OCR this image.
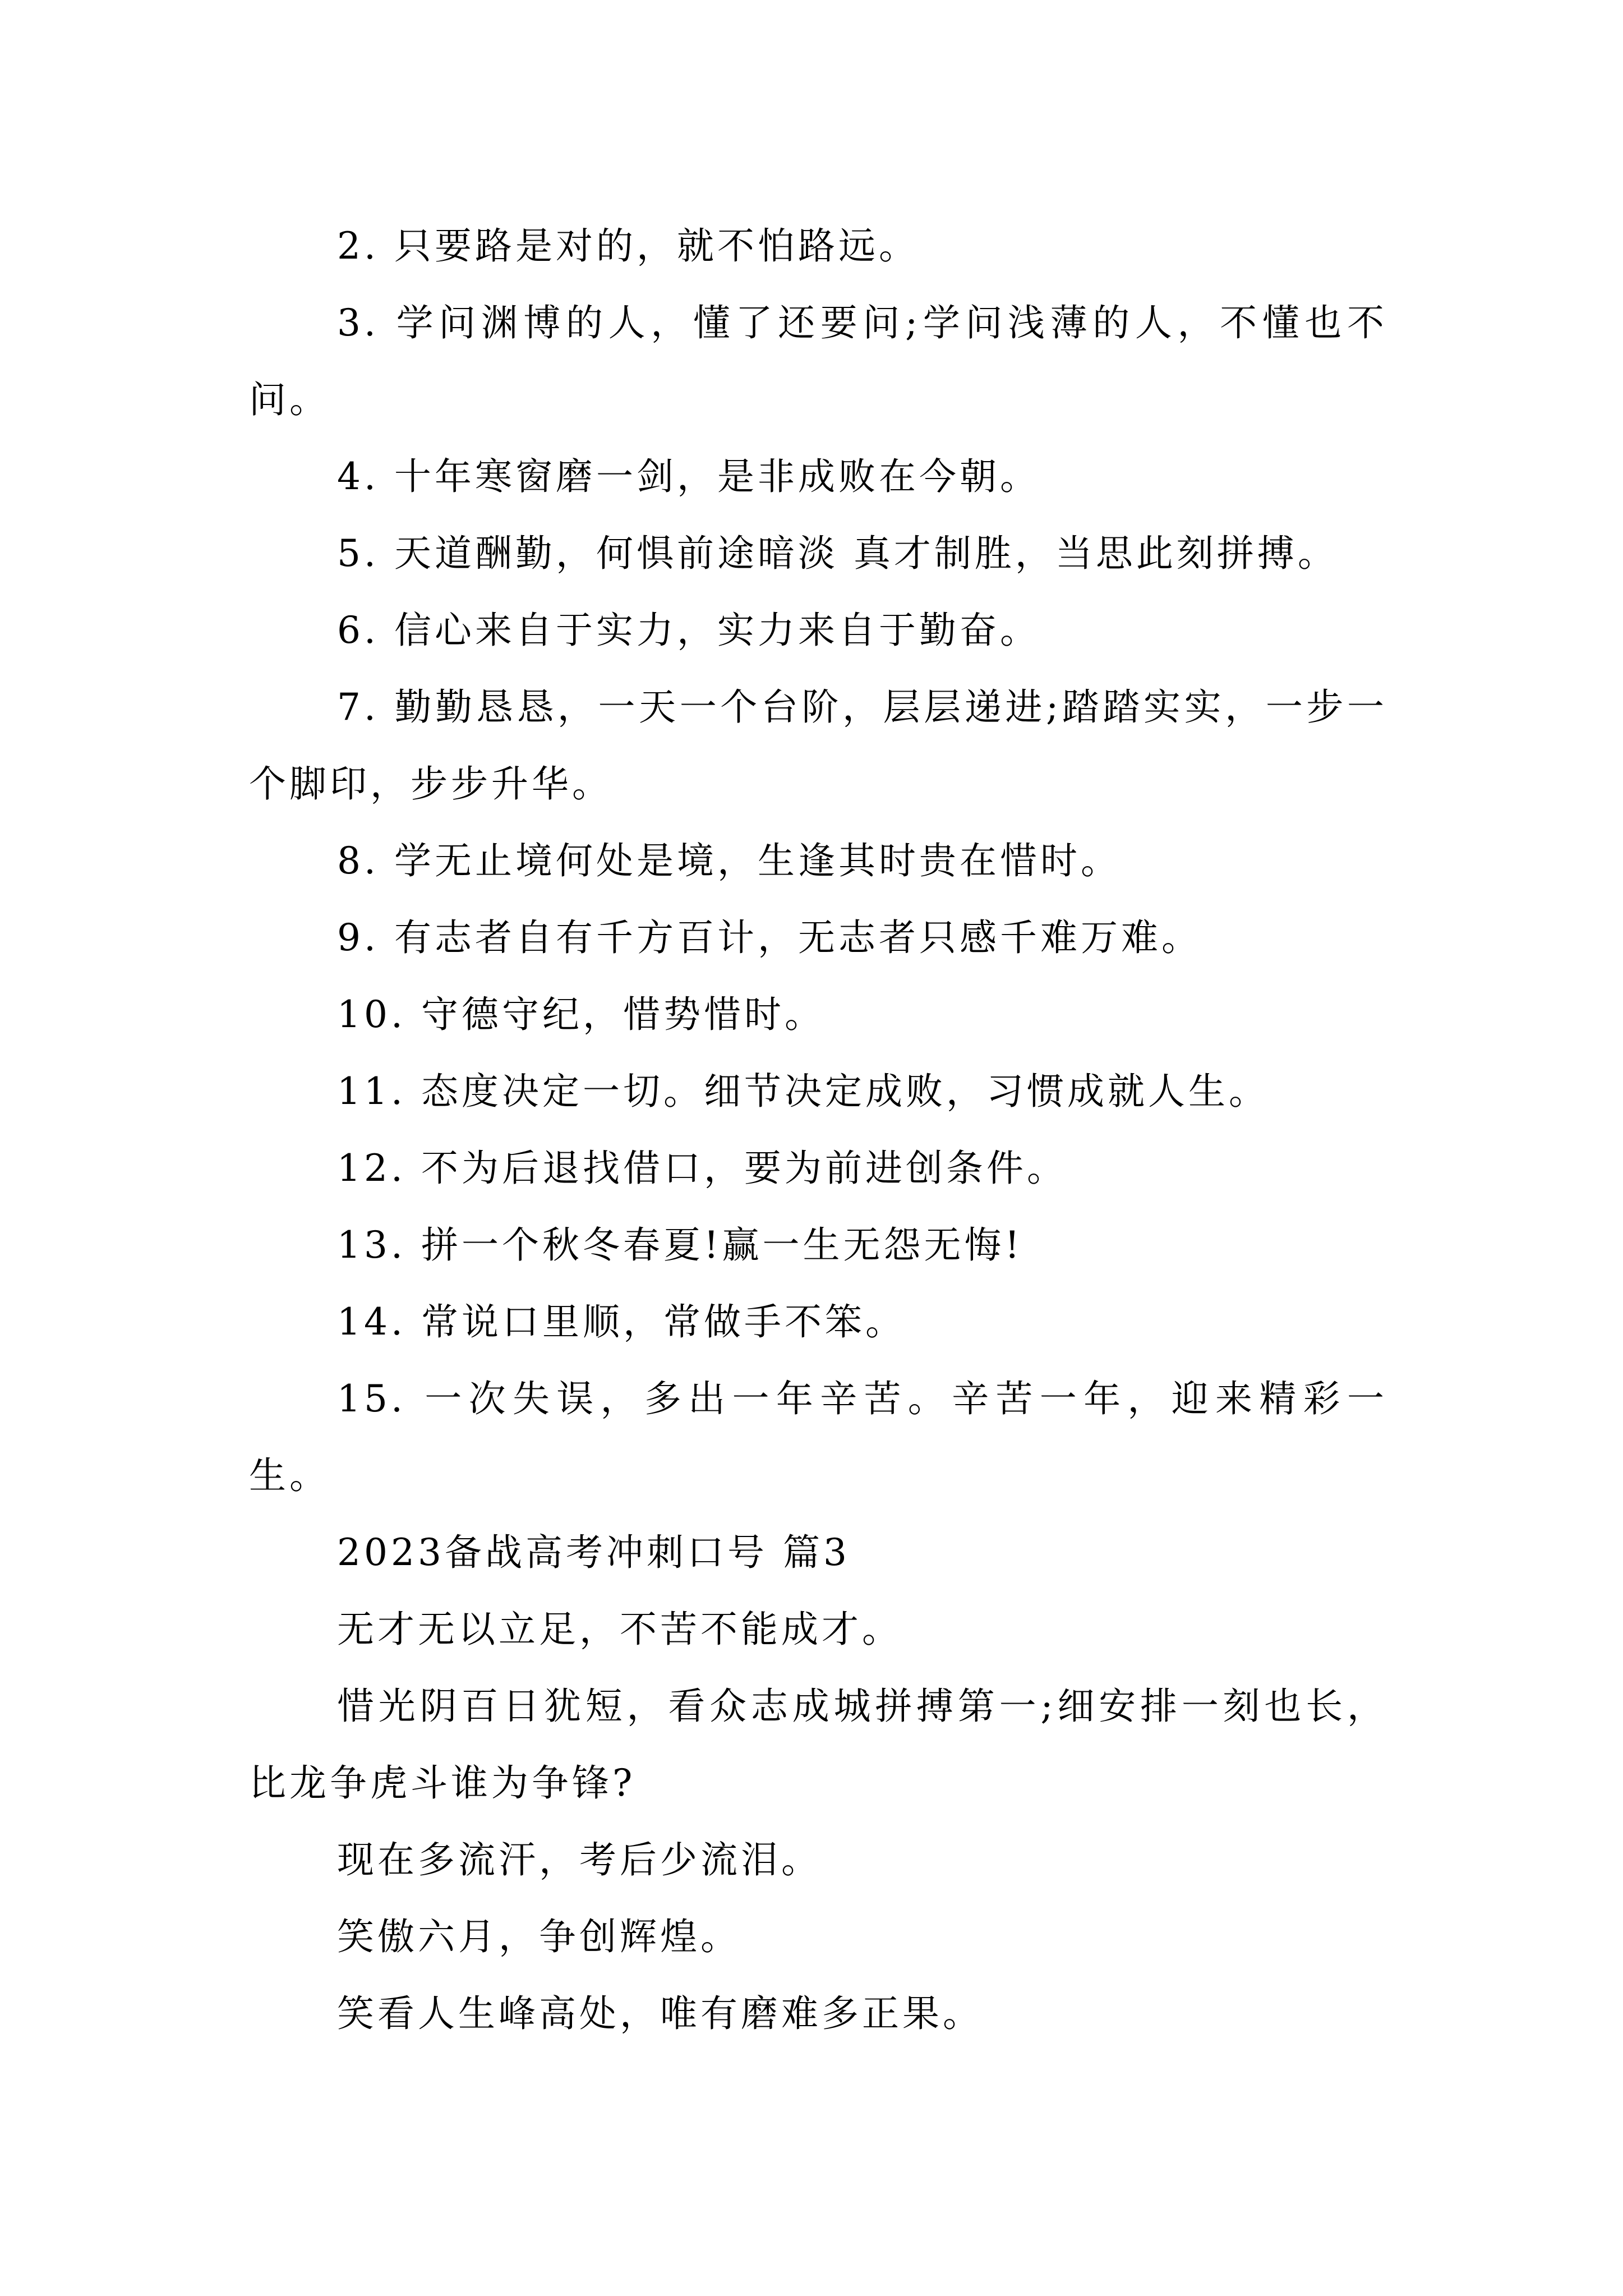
2. 只要路是对的，就不怕路远。

3. 学问渊博的人，懂了还要问;学问浅薄的人，不懂也不问。

4. 十年寒窗磨一剑，是非成败在今朝。

5. 天道酬勤，何惧前途暗淡 真才制胜，当思此刻拼搏。

6. 信心来自于实力，实力来自于勤奋。

7. 勤勤恳恳，一天一个台阶，层层递进;踏踏实实，一步一个脚印，步步升华。

8. 学无止境何处是境，生逢其时贵在惜时。

9. 有志者自有千方百计，无志者只感千难万难。

10. 守德守纪，惜势惜时。

11. 态度决定一切。细节决定成败，习惯成就人生。

12. 不为后退找借口，要为前进创条件。

13. 拼一个秋冬春夏!赢一生无怨无悔!

14. 常说口里顺，常做手不笨。

15. 一次失误，多出一年辛苦。辛苦一年，迎来精彩一生。

2023备战高考冲刺口号 篇3

无才无以立足，不苦不能成才。

惜光阴百日犹短，看众志成城拼搏第一;细安排一刻也长，比龙争虎斗谁为争锋?

现在多流汗，考后少流泪。

笑傲六月，争创辉煌。

笑看人生峰高处，唯有磨难多正果。
